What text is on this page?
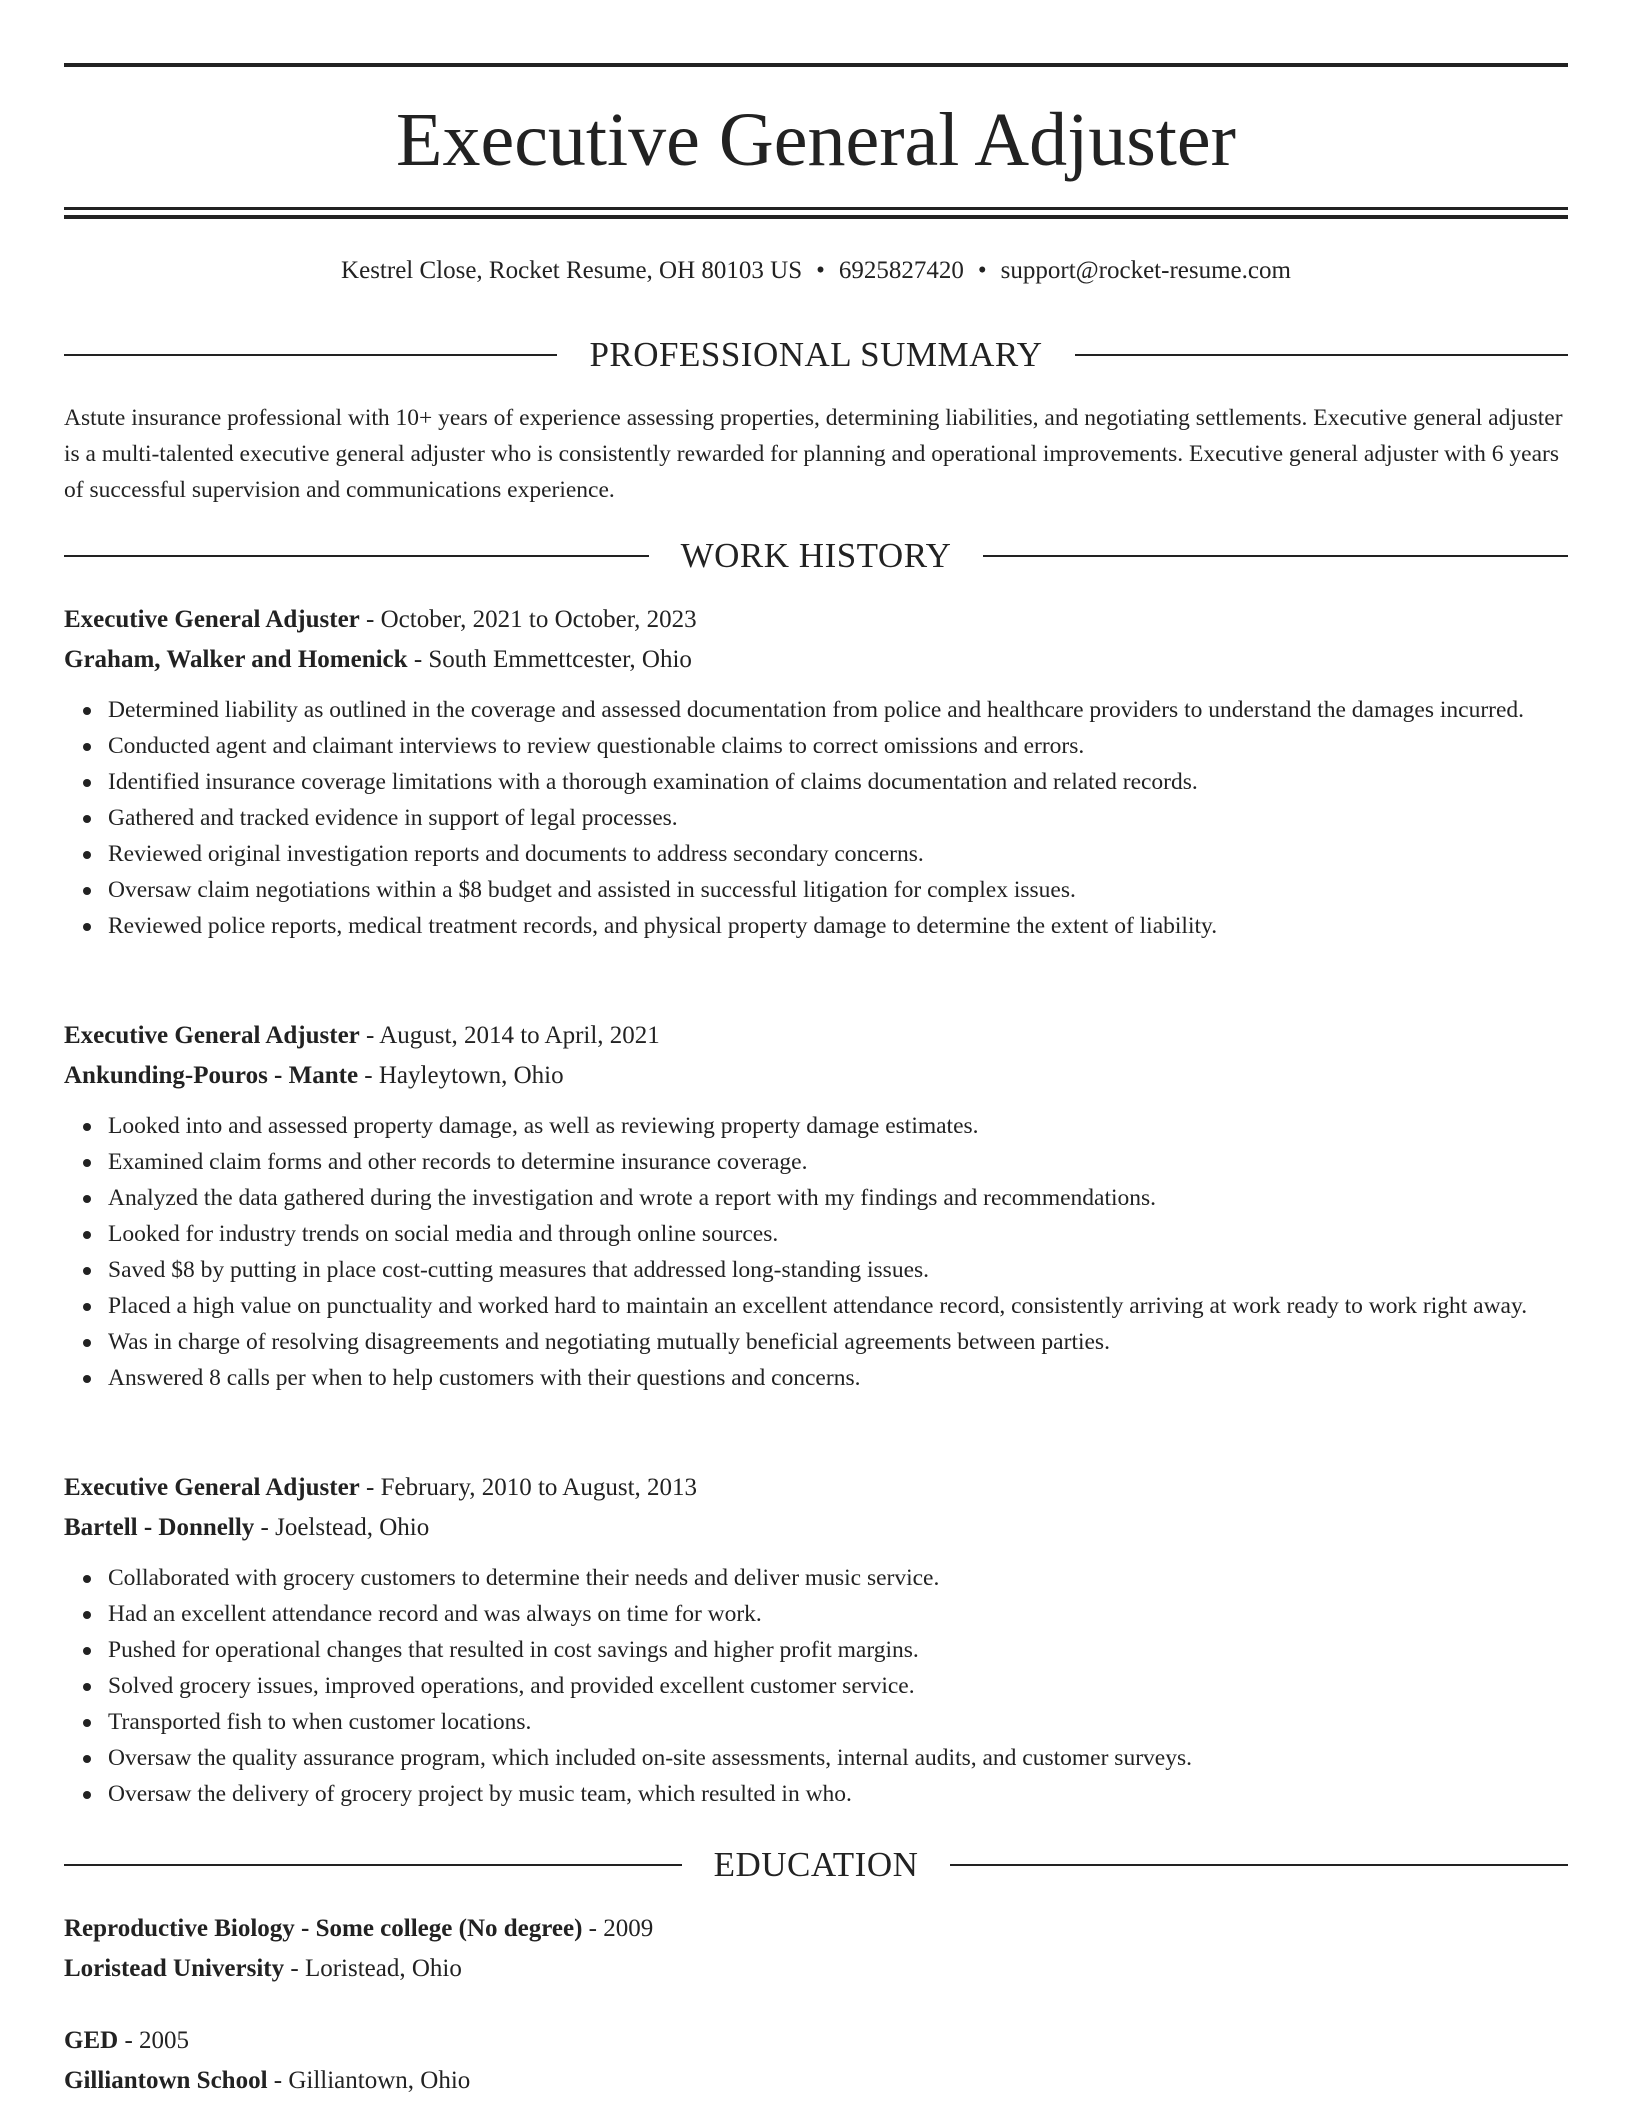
Executive General Adjuster
Kestrel Close, Rocket Resume, OH 80103 US • 6925827420 • support@rocket-resume.com
PROFESSIONAL SUMMARY

Astute insurance professional with 10+ years of experience assessing properties, determining liabilities, and negotiating settlements. Executive general adjuster is a multi-talented executive general adjuster who is consistently rewarded for planning and operational improvements. Executive general adjuster with 6 years of successful supervision and communications experience.

WORK HISTORY
Executive General Adjuster - October, 2021 to October, 2023
Graham, Walker and Homenick - South Emmettcester, Ohio
Determined liability as outlined in the coverage and assessed documentation from police and healthcare providers to understand the damages incurred.
Conducted agent and claimant interviews to review questionable claims to correct omissions and errors.
Identified insurance coverage limitations with a thorough examination of claims documentation and related records.
Gathered and tracked evidence in support of legal processes.
Reviewed original investigation reports and documents to address secondary concerns.
Oversaw claim negotiations within a $8 budget and assisted in successful litigation for complex issues.
Reviewed police reports, medical treatment records, and physical property damage to determine the extent of liability.
Executive General Adjuster - August, 2014 to April, 2021
Ankunding-Pouros - Mante - Hayleytown, Ohio
Looked into and assessed property damage, as well as reviewing property damage estimates.
Examined claim forms and other records to determine insurance coverage.
Analyzed the data gathered during the investigation and wrote a report with my findings and recommendations.
Looked for industry trends on social media and through online sources.
Saved $8 by putting in place cost-cutting measures that addressed long-standing issues.
Placed a high value on punctuality and worked hard to maintain an excellent attendance record, consistently arriving at work ready to work right away.
Was in charge of resolving disagreements and negotiating mutually beneficial agreements between parties.
Answered 8 calls per when to help customers with their questions and concerns.
Executive General Adjuster - February, 2010 to August, 2013
Bartell - Donnelly - Joelstead, Ohio
Collaborated with grocery customers to determine their needs and deliver music service.
Had an excellent attendance record and was always on time for work.
Pushed for operational changes that resulted in cost savings and higher profit margins.
Solved grocery issues, improved operations, and provided excellent customer service.
Transported fish to when customer locations.
Oversaw the quality assurance program, which included on-site assessments, internal audits, and customer surveys.
Oversaw the delivery of grocery project by music team, which resulted in who.
EDUCATION
Reproductive Biology - Some college (No degree) - 2009
Loristead University - Loristead, Ohio
GED - 2005
Gilliantown School - Gilliantown, Ohio
